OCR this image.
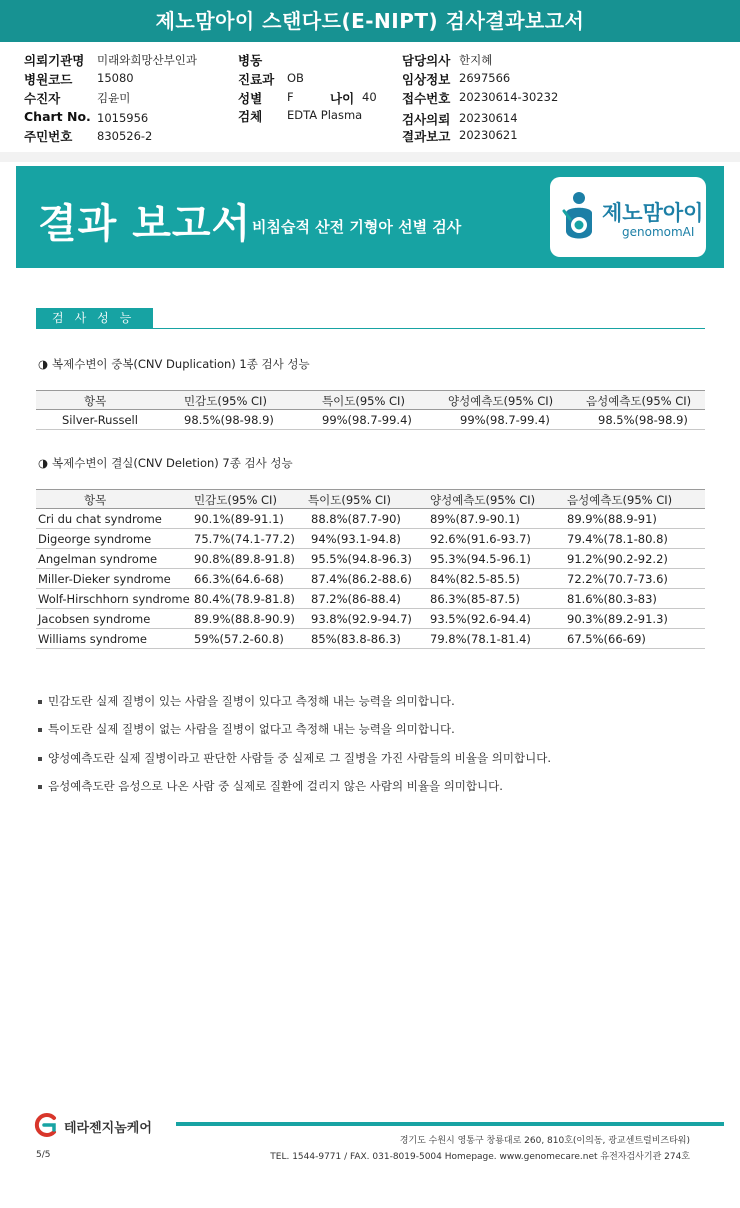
제노맘아이 스탠다드(E-NIPT) 검사결과보고서
의뢰기관명 미래와희망산부인과
병원코드 15080
수진자	김윤미
Chart No. 1015956
주민번호 830526-2
병동
진료과 OB
성별 F	나이 40
검체 EDTA Plasma
담당의사 한지혜
임상정보 2697566
접수번호 20230614-30232
검사의뢰 20230614
결과보고 20230621
결과 보고서 비침습적 산전 기형아 선별 검사
제노맘아이
genomomAI
검사성능
◑ 복제수변이 중복(CNV Duplication) 1종 검사 성능
항목	민감도(95% CI)	특이도(95% CI)	양성예측도(95% CI)	음성예측도(95% CI)
Silver-Russell	98.5%(98-98.9)	99%(98.7-99.4)	99%(98.7-99.4)	98.5%(98-98.9)
◑ 복제수변이 결실(CNV Deletion) 7종 검사 성능
항목	민감도(95% CI)	특이도(95% CI)	양성예측도(95% CI)	음성예측도(95% CI)
Cri du chat syndrome	90.1%(89-91.1) 88.8%(87.7-90)	89%(87.9-90.1)	89.9%(88.9-91)
Digeorge syndrome	75.7%(74.1-77.2) 94%(93.1-94.8)	92.6%(91.6-93.7)	79.4%(78.1-80.8)
Angelman syndrome	90.8%(89.8-91.8) 95.5%(94.8-96.3) 95.3%(94.5-96.1)	91.2%(90.2-92.2)
Miller-Dieker syndrome 66.3%(64.6-68) 87.4%(86.2-88.6) 84%(82.5-85.5)	72.2%(70.7-73.6)
Wolf-Hirschhorn syndrome 80.4%(78.9-81.8) 87.2%(86-88.4)	86.3%(85-87.5)	81.6%(80.3-83)
Jacobsen syndrome	89.9%(88.8-90.9) 93.8%(92.9-94.7) 93.5%(92.6-94.4)	90.3%(89.2-91.3)
Williams syndrome	59%(57.2-60.8) 85%(83.8-86.3)	79.8%(78.1-81.4)	67.5%(66-69)
민감도란 실제 질병이 있는 사람을 질병이 있다고 측정해 내는 능력을 의미합니다.
특이도란 실제 질병이 없는 사람을 질병이 없다고 측정해 내는 능력을 의미합니다.
양성예측도란 실제 질병이라고 판단한 사람들 중 실제로 그 질병을 가진 사람들의 비율을 의미합니다.
음성예측도란 음성으로 나온 사람 중 실제로 질환에 걸리지 않은 사람의 비율을 의미합니다.
테라젠지놈케어
경기도 수원시 영통구 창룡대로 260, 810호(이의동, 광교센트럴비즈타워)
TEL. 1544-9771 / FAX. 031-8019-5004 Homepage. www.genomecare.net 유전자검사기관 274호
5/5
